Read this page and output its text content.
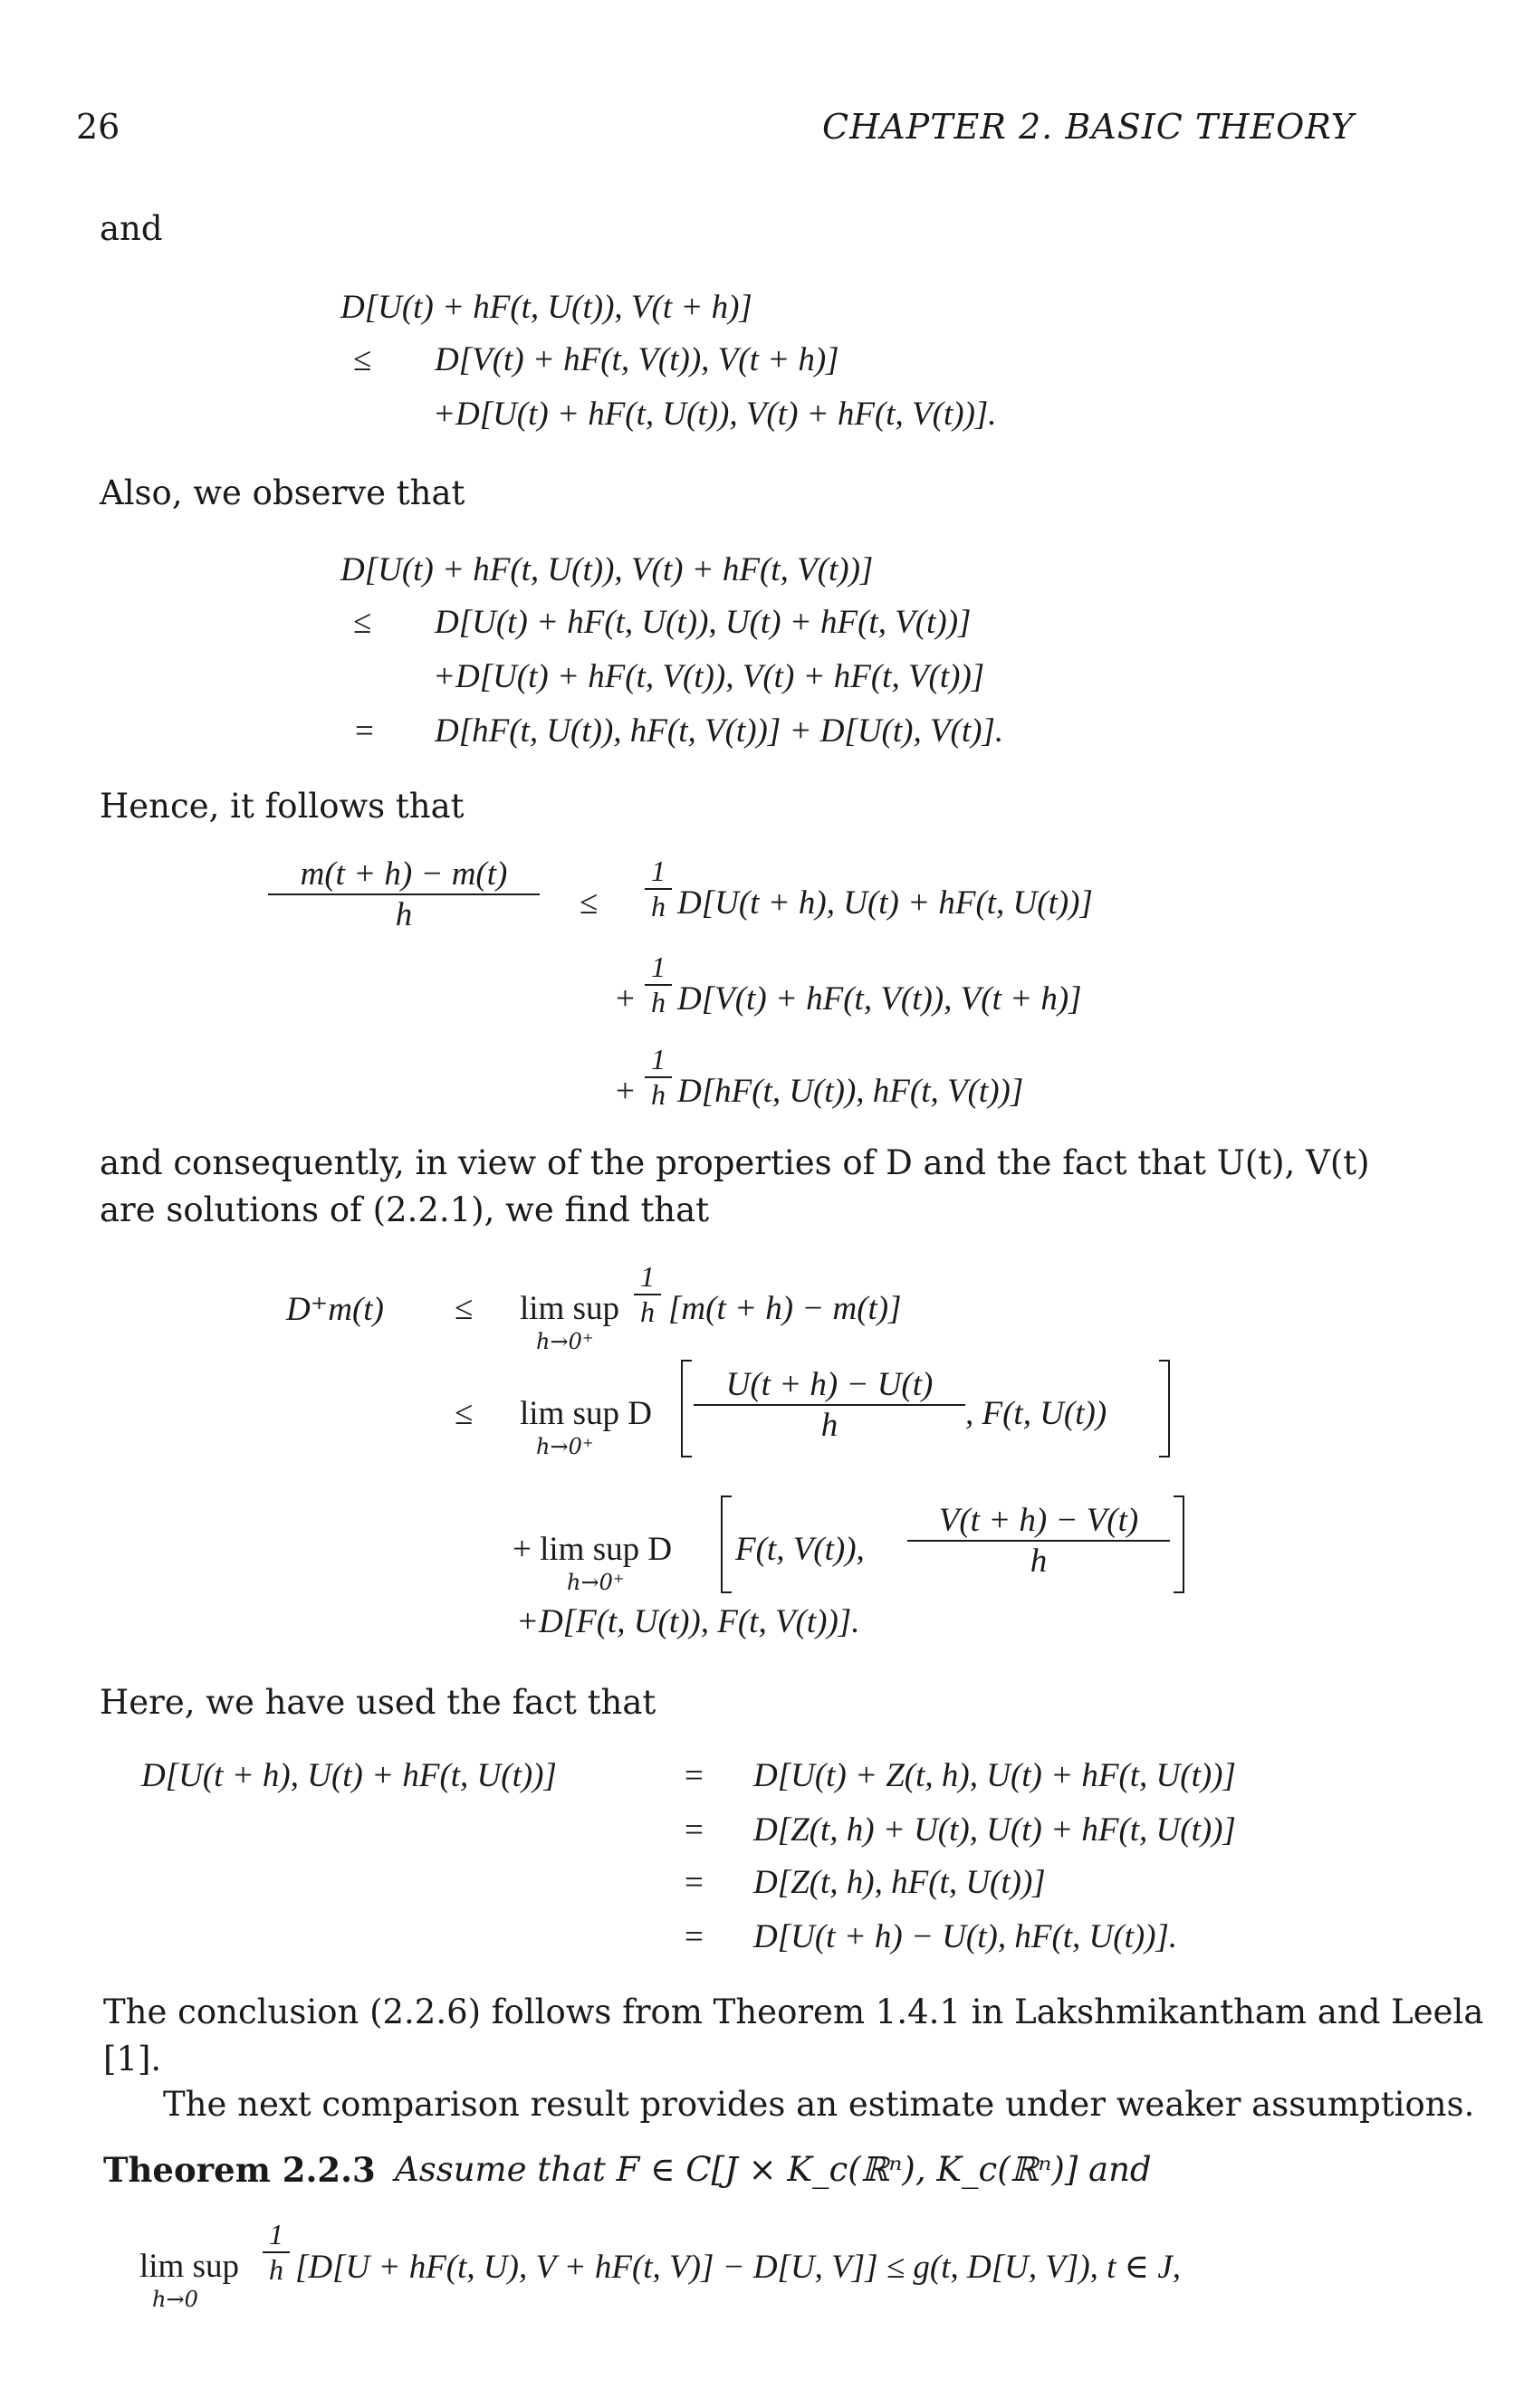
26	CHAPTER 2. BASIC THEORY
and
D[U(t) + hF(t, U(t)), V(t + h)]
≤ D[V(t) + hF(t, V(t)), V(t + h)]
+D[U(t) + hF(t, U(t)), V(t) + hF(t, V(t))].
Also, we observe that
D[U(t) + hF(t, U(t)), V(t) + hF(t, V(t))]
≤ D[U(t) + hF(t, U(t)), U(t) + hF(t, V(t))]
+D[U(t) + hF(t, V(t)), V(t) + hF(t, V(t))]
= D[hF(t, U(t)), hF(t, V(t))] + D[U(t), V(t)].
Hence, it follows that
$\frac{m(t + h) - m(t)}{h} \le \frac{1}{h} D[U(t + h)$, U(t) + hF(t, U(t))]
+ $\frac{1}{h} D[V(t) + hF(t$, V(t)), V(t + h)]
+ $\frac{1}{h} D[hF(t$, U(t)), hF(t, V(t))]
and consequently, in view of the properties of D and the fact that U(t), V(t)
are solutions of (2.2.1), we find that
D⁺m(t) ≤ lim sup
h→0⁺
$\frac{1}{h} [m(t + h) - m(t)]$
≤ lim sup D
h→0⁺
$\frac{U(t + h) - U(t)}{h}$ , F(t, U(t))
+ lim sup D
h→0⁺
F(t, V(t)), $\frac{V(t + h) - V(t)}{h}$
+D[F(t, U(t)), F(t, V(t))].
Here, we have used the fact that
D[U(t + h), U(t) + hF(t, U(t))]	= D[U(t) + Z(t, h), U(t) + hF(t, U(t))]
= D[Z(t, h) + U(t), U(t) + hF(t, U(t))]
= D[Z(t, h), hF(t, U(t))]
= D[U(t + h) − U(t), hF(t, U(t))].
The conclusion (2.2.6) follows from Theorem 1.4.1 in Lakshmikantham and Leela
[1].
The next comparison result provides an estimate under weaker assumptions.
Theorem 2.2.3 Assume that F ∈ C[J × K_c(ℝⁿ), K_c(ℝⁿ)] and
lim sup
h→0
$\frac{1}{h} [D[U + hF(t$, U), V + hF(t, V)] − D[U, V]] ≤ g(t, D[U, V]), t ∈ J,
